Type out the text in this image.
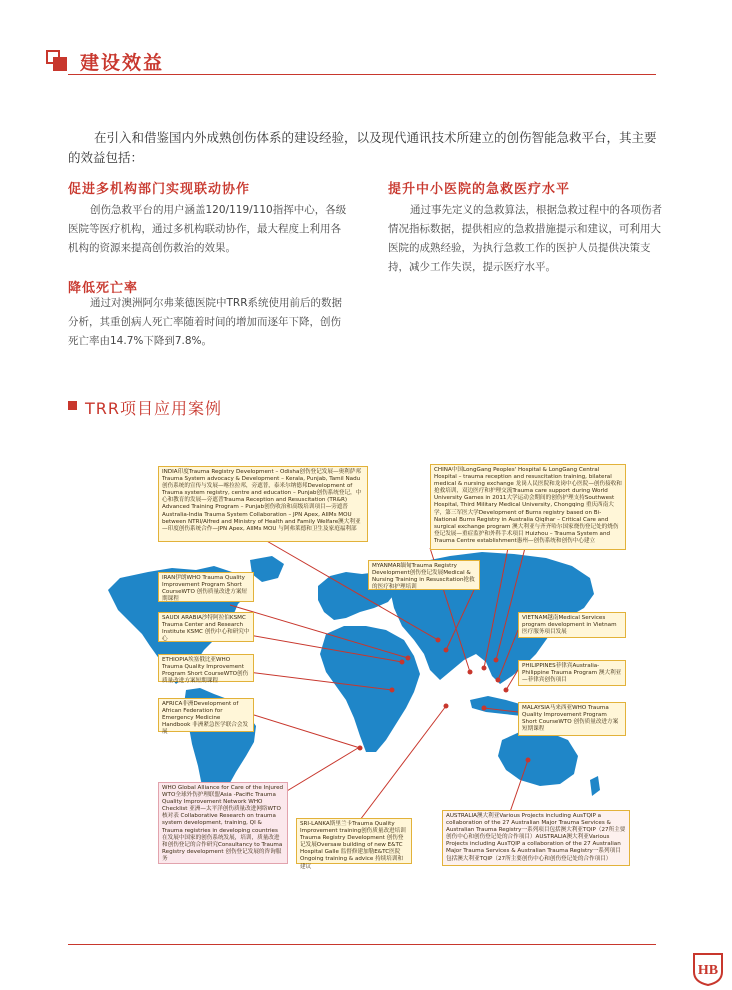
建设效益
在引入和借鉴国内外成熟创伤体系的建设经验，以及现代通讯技术所建立的创伤智能急救平台，其主要的效益包括：
促进多机构部门实现联动协作
创伤急救平台的用户涵盖120/119/110指挥中心，各级医院等医疗机构，通过多机构联动协作，最大程度上利用各机构的资源来提高创伤救治的效果。
降低死亡率
通过对澳洲阿尔弗莱德医院中TRR系统使用前后的数据分析，其重创病人死亡率随着时间的增加而逐年下降，创伤死亡率由14.7%下降到7.8%。
提升中小医院的急救医疗水平
通过事先定义的急救算法，根据急救过程中的各项伤者情况指标数据，提供相应的急救措施提示和建议，可利用大医院的成熟经验，为执行急救工作的医护人员提供决策支持，减少工作失误，提示医疗水平。
TRR项目应用案例
INDIA印度Trauma Registry Development – Odisha创伤登记发展—奥利萨邦Trauma System advocacy & Development – Kerala, Punjab, Tamil Nadu创伤系统的宣传与发展—喀拉拉邦，旁遮普，泰米尔纳德邦Development of Trauma system registry, centre and education – Punjab创伤系统登记，中心和教育的发展—旁遮普Trauma Reception and Resuscitation (TR&R) Advanced Training Program – Punjab创伤收治和高级培训项目—旁遮普Australia-India Trauma System Collaboration – JPN Apex, AIIMs MOU between NTRI/Alfred and Ministry of Health and Family Welfare澳大利亚—印度创伤系统合作—JPN Apex, AIIMs MOU 与阿弗莱德和卫生及家庭福利部
CHINA中国LongGang Peoples' Hospital & LongGang Central Hospital – trauma reception and resuscitation training, bilateral medical & nursing exchange 龙岗人民医院和龙岗中心医院—创伤接收和抢救培训，双边医疗和护理交流Trauma care support during World University Games in 2011大学运动会期间的创伤护理支持Southwest Hospital, Third Military Medical University, Chongqing 重庆西南大学，第三军医大学Development of Burns registry based on Bi-National Burns Registry in Australia Qiqihar – Critical Care and surgical exchange program 澳大利亚与齐齐哈尔国家烧伤登记处的烧伤登记发展—重症监护和外科手术项目 Huizhou – Trauma System and Trauma Centre establishment惠州—创伤系统和创伤中心建立
MYANMAR缅甸Trauma Registry Development创伤登记发展Medical & Nursing Training in Resuscitation抢救的医疗和护理培训
IRAN伊朗WHO Trauma Quality Improvement Program Short CourseWTO 创伤质量改进方案短期课程
SAUDI ARABIA沙特阿拉伯KSMC Trauma Center and Research Institute KSMC 创伤中心和研究中心
ETHIOPIA埃塞俄比亚WHO Trauma Quality Improvement Program Short CourseWTO创伤质量改进方案短期课程
AFRICA非洲Development of African Federation for Emergency Medicine Handbook 非洲紧急医学联合会发展
WHO Global Alliance for Care of the Injured WTO全球外伤护理联盟Asia -Pacific Trauma Quality Improvement Network WHO Checklist 亚洲—太平洋创伤质量改进网络WTO核对表 Collaborative Research on trauma system development, training, QI & Trauma registries in developing countries 在发展中国家的创伤系统发展，培训，质量改进和创伤登记的合作研究Consultancy to Trauma Registry development 创伤登记发展的咨询服务
SRI-LANKA斯里兰卡Trauma Quality Improvement training创伤质量改进培训 Trauma Registry Development 创伤登记发展Oversaw building of new E&TC Hospital Galle 监督修建加勒E&TC医院 Ongoing training & advice 持续培训和建议
VIETNAM越南Medical Services program development in Vietnam 医疗服务项目发展
PHILIPPINES菲律宾Australia-Philippine Trauma Program 澳大利亚—菲律宾创伤项目
MALAYSIA马来西亚WHO Trauma Quality Improvement Program Short CourseWTO 创伤质量改进方案短期课程
AUSTRALIA澳大利亚Various Projects including AusTQIP a collaboration of the 27 Australian Major Trauma Services & Australian Trauma Registry一系列项目包括澳大利亚TQIP（27所主要创伤中心和创伤登记处的合作项目）AUSTRALIA澳大利亚Various Projects including AusTQIP a collaboration of the 27 Australian Major Trauma Services & Australian Trauma Registry一系列项目包括澳大利亚TQIP（27所主要创伤中心和创伤登记处的合作项目）
HB
